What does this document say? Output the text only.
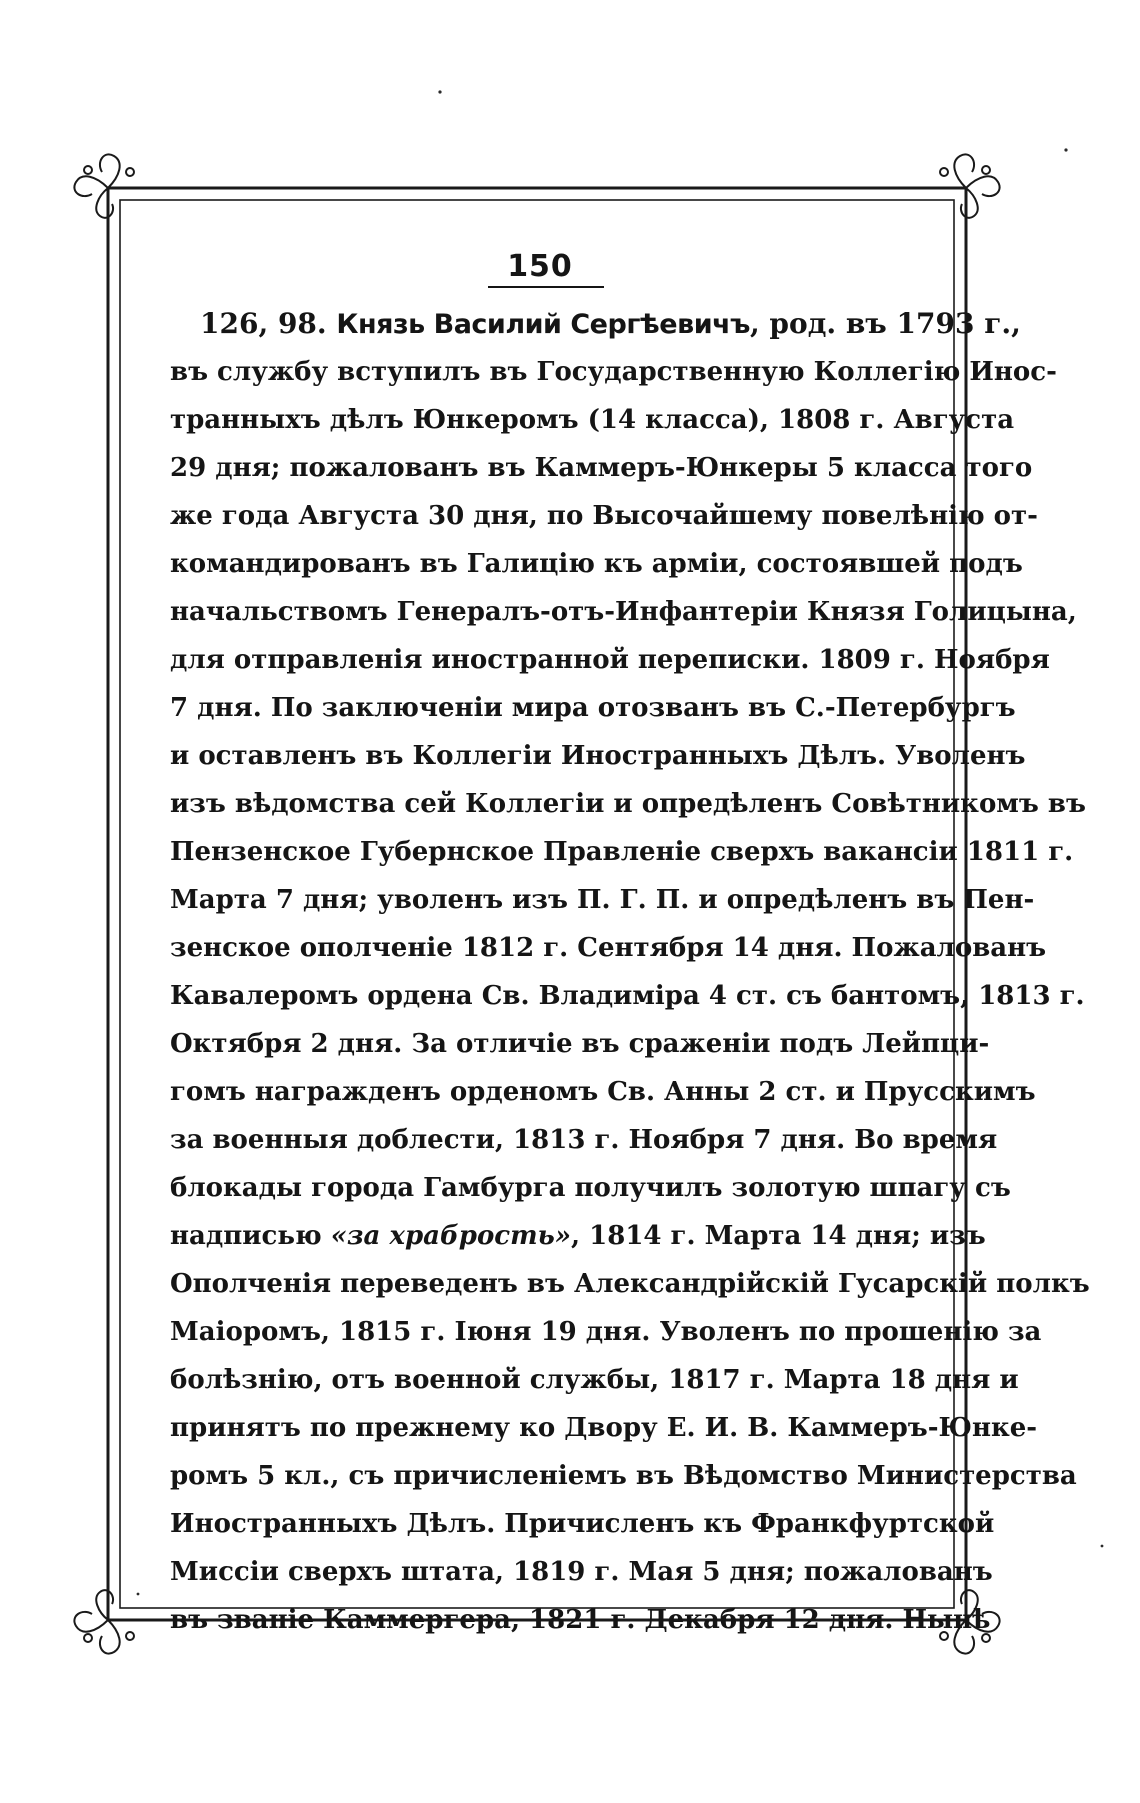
150
126, 98. Князь Василий Сергѣевичъ, род. въ 1793 г.,
въ службу вступилъ въ Государственную Коллегію Инос-
транныхъ дѣлъ Юнкеромъ (14 класса), 1808 г. Августа
29 дня; пожалованъ въ Каммеръ-Юнкеры 5 класса того
же года Августа 30 дня, по Высочайшему повелѣнію от-
командированъ въ Галицію къ арміи, состоявшей подъ
начальствомъ Генералъ-отъ-Инфантеріи Князя Голицына,
для отправленія иностранной переписки. 1809 г. Ноября
7 дня. По заключеніи мира отозванъ въ С.-Петербургъ
и оставленъ въ Коллегіи Иностранныхъ Дѣлъ. Уволенъ
изъ вѣдомства сей Коллегіи и опредѣленъ Совѣтникомъ въ
Пензенское Губернское Правленіе сверхъ вакансіи 1811 г.
Марта 7 дня; уволенъ изъ П. Г. П. и опредѣленъ въ Пен-
зенское ополченіе 1812 г. Сентября 14 дня. Пожалованъ
Кавалеромъ ордена Св. Владиміра 4 ст. съ бантомъ, 1813 г.
Октября 2 дня. За отличіе въ сраженіи подъ Лейпци-
гомъ награжденъ орденомъ Св. Анны 2 ст. и Прусскимъ
за военныя доблести, 1813 г. Ноября 7 дня. Во время
блокады города Гамбурга получилъ золотую шпагу съ
надписью «за храбрость», 1814 г. Марта 14 дня; изъ
Ополченія переведенъ въ Александрійскій Гусарскій полкъ
Маіоромъ, 1815 г. Іюня 19 дня. Уволенъ по прошенію за
болѣзнію, отъ военной службы, 1817 г. Марта 18 дня и
принятъ по прежнему ко Двору Е. И. В. Каммеръ-Юнке-
ромъ 5 кл., съ причисленіемъ въ Вѣдомство Министерства
Иностранныхъ Дѣлъ. Причисленъ къ Франкфуртской
Миссіи сверхъ штата, 1819 г. Мая 5 дня; пожалованъ
въ званіе Каммергера, 1821 г. Декабря 12 дня. Нынѣ
